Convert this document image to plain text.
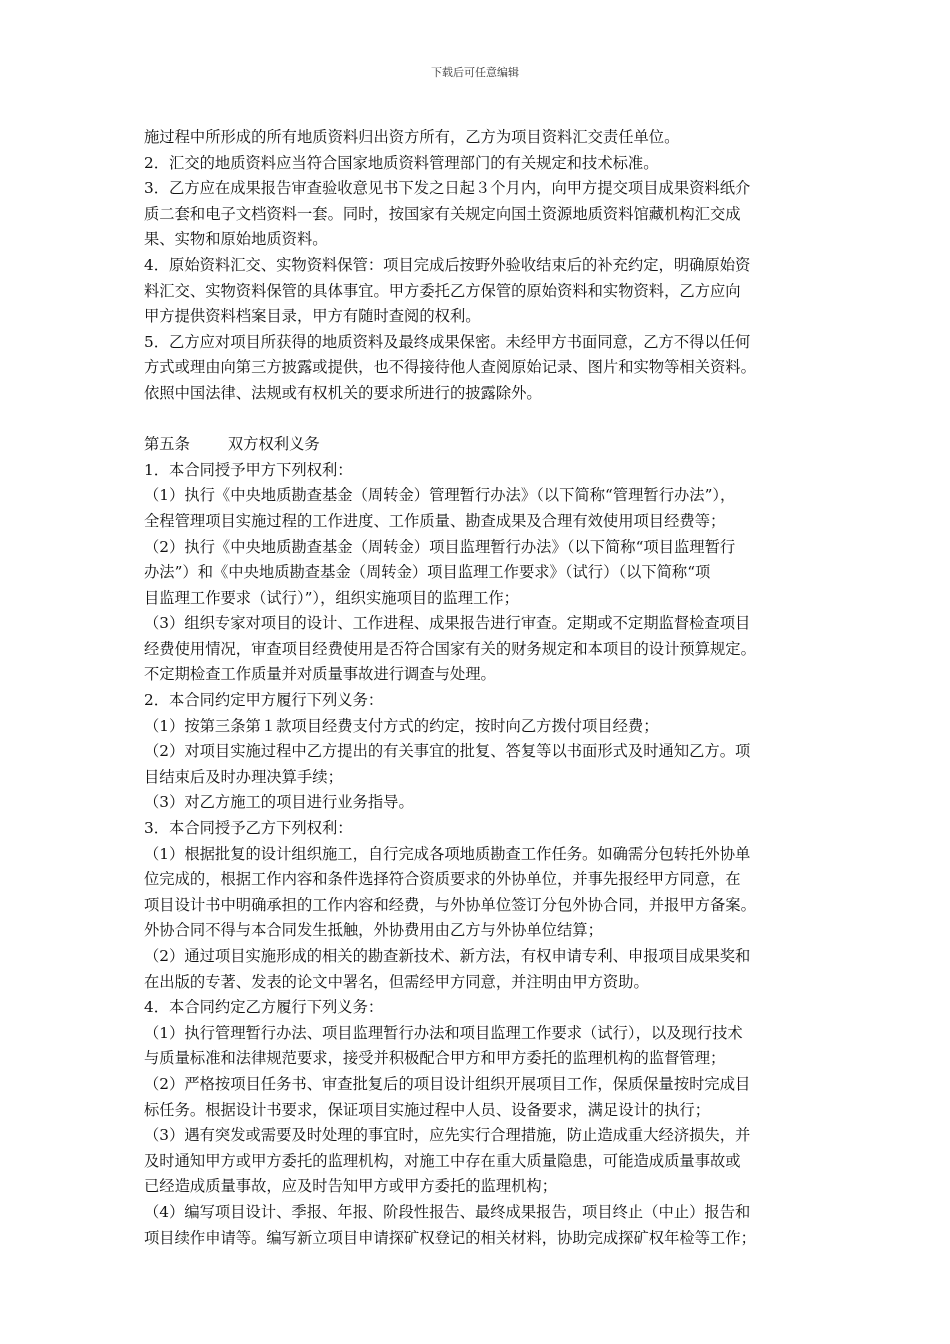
下载后可任意编辑
施过程中所形成的所有地质资料归出资方所有，乙方为项目资料汇交责任单位。
2．汇交的地质资料应当符合国家地质资料管理部门的有关规定和技术标准。
3．乙方应在成果报告审查验收意见书下发之日起３个月内，向甲方提交项目成果资料纸介
质二套和电子文档资料一套。同时，按国家有关规定向国土资源地质资料馆藏机构汇交成
果、实物和原始地质资料。
4．原始资料汇交、实物资料保管：项目完成后按野外验收结束后的补充约定，明确原始资
料汇交、实物资料保管的具体事宜。甲方委托乙方保管的原始资料和实物资料，乙方应向
甲方提供资料档案目录，甲方有随时查阅的权利。
5．乙方应对项目所获得的地质资料及最终成果保密。未经甲方书面同意，乙方不得以任何
方式或理由向第三方披露或提供，也不得接待他人查阅原始记录、图片和实物等相关资料。
依照中国法律、法规或有权机关的要求所进行的披露除外。
第五条 双方权利义务
1．本合同授予甲方下列权利：
（1）执行《中央地质勘查基金（周转金）管理暂行办法》（以下简称“管理暂行办法”），
全程管理项目实施过程的工作进度、工作质量、勘查成果及合理有效使用项目经费等；
（2）执行《中央地质勘查基金（周转金）项目监理暂行办法》（以下简称“项目监理暂行
办法”）和《中央地质勘查基金（周转金）项目监理工作要求》（试行）（以下简称“项
目监理工作要求（试行）”），组织实施项目的监理工作；
（3）组织专家对项目的设计、工作进程、成果报告进行审查。定期或不定期监督检查项目
经费使用情况，审查项目经费使用是否符合国家有关的财务规定和本项目的设计预算规定。
不定期检查工作质量并对质量事故进行调查与处理。
2．本合同约定甲方履行下列义务：
（1）按第三条第１款项目经费支付方式的约定，按时向乙方拨付项目经费；
（2）对项目实施过程中乙方提出的有关事宜的批复、答复等以书面形式及时通知乙方。项
目结束后及时办理决算手续；
（3）对乙方施工的项目进行业务指导。
3．本合同授予乙方下列权利：
（1）根据批复的设计组织施工，自行完成各项地质勘查工作任务。如确需分包转托外协单
位完成的，根据工作内容和条件选择符合资质要求的外协单位，并事先报经甲方同意，在
项目设计书中明确承担的工作内容和经费，与外协单位签订分包外协合同，并报甲方备案。
外协合同不得与本合同发生抵触，外协费用由乙方与外协单位结算；
（2）通过项目实施形成的相关的勘查新技术、新方法，有权申请专利、申报项目成果奖和
在出版的专著、发表的论文中署名，但需经甲方同意，并注明由甲方资助。
4．本合同约定乙方履行下列义务：
（1）执行管理暂行办法、项目监理暂行办法和项目监理工作要求（试行），以及现行技术
与质量标准和法律规范要求，接受并积极配合甲方和甲方委托的监理机构的监督管理；
（2）严格按项目任务书、审查批复后的项目设计组织开展项目工作，保质保量按时完成目
标任务。根据设计书要求，保证项目实施过程中人员、设备要求，满足设计的执行；
（3）遇有突发或需要及时处理的事宜时，应先实行合理措施，防止造成重大经济损失，并
及时通知甲方或甲方委托的监理机构，对施工中存在重大质量隐患，可能造成质量事故或
已经造成质量事故，应及时告知甲方或甲方委托的监理机构；
（4）编写项目设计、季报、年报、阶段性报告、最终成果报告，项目终止（中止）报告和
项目续作申请等。编写新立项目申请探矿权登记的相关材料，协助完成探矿权年检等工作；
